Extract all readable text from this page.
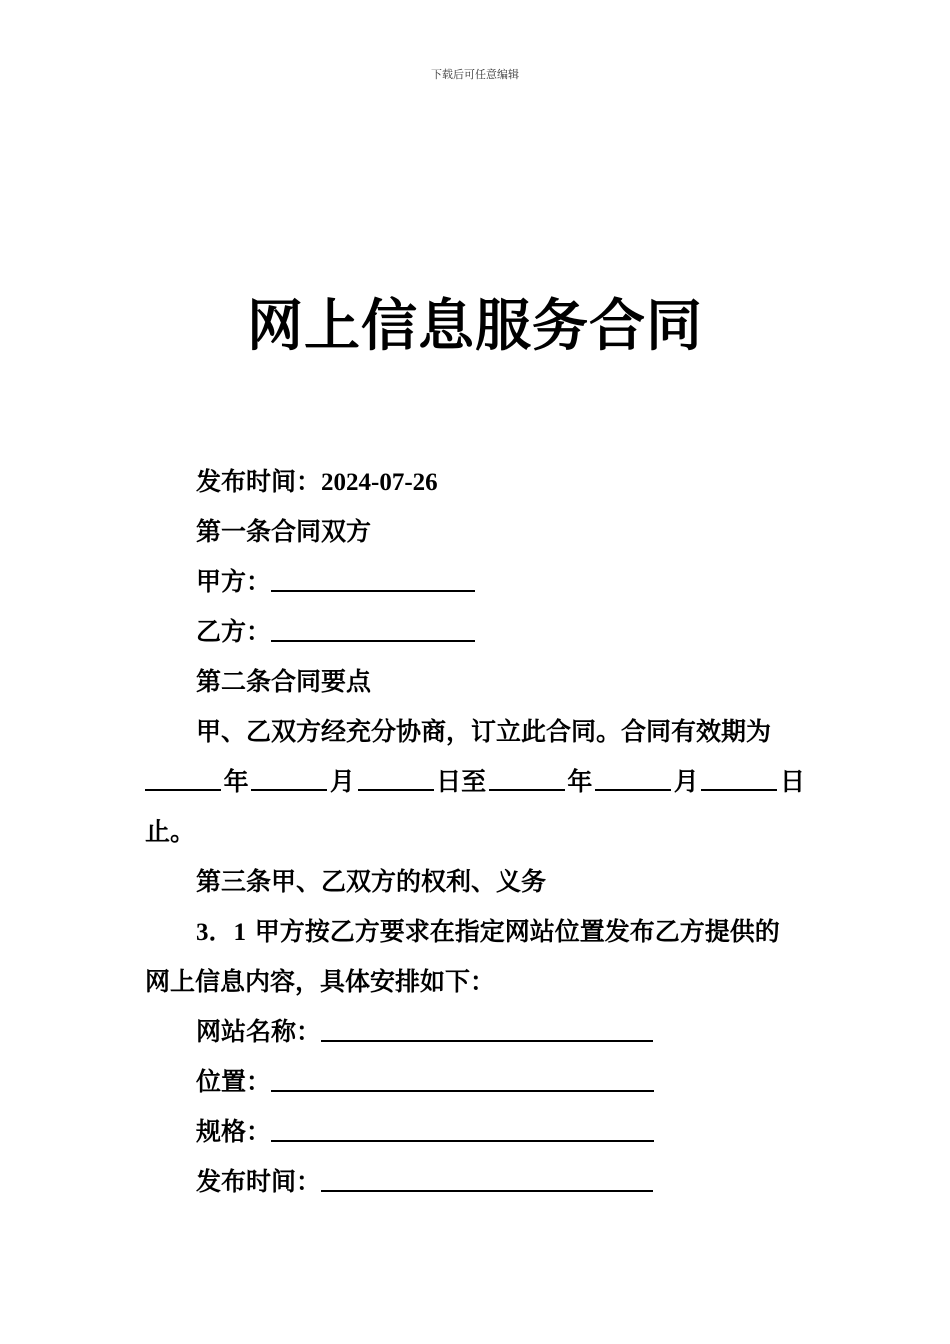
下载后可任意编辑
网上信息服务合同
发布时间：2024-07-26
第一条合同双方
甲方：
乙方：
第二条合同要点
甲、乙双方经充分协商，订立此合同。合同有效期为
年	月	日至	年	月	日
止。
第三条甲、乙双方的权利、义务
3．1 甲方按乙方要求在指定网站位置发布乙方提供的
网上信息内容，具体安排如下：
网站名称：
位置：
规格：
发布时间：
